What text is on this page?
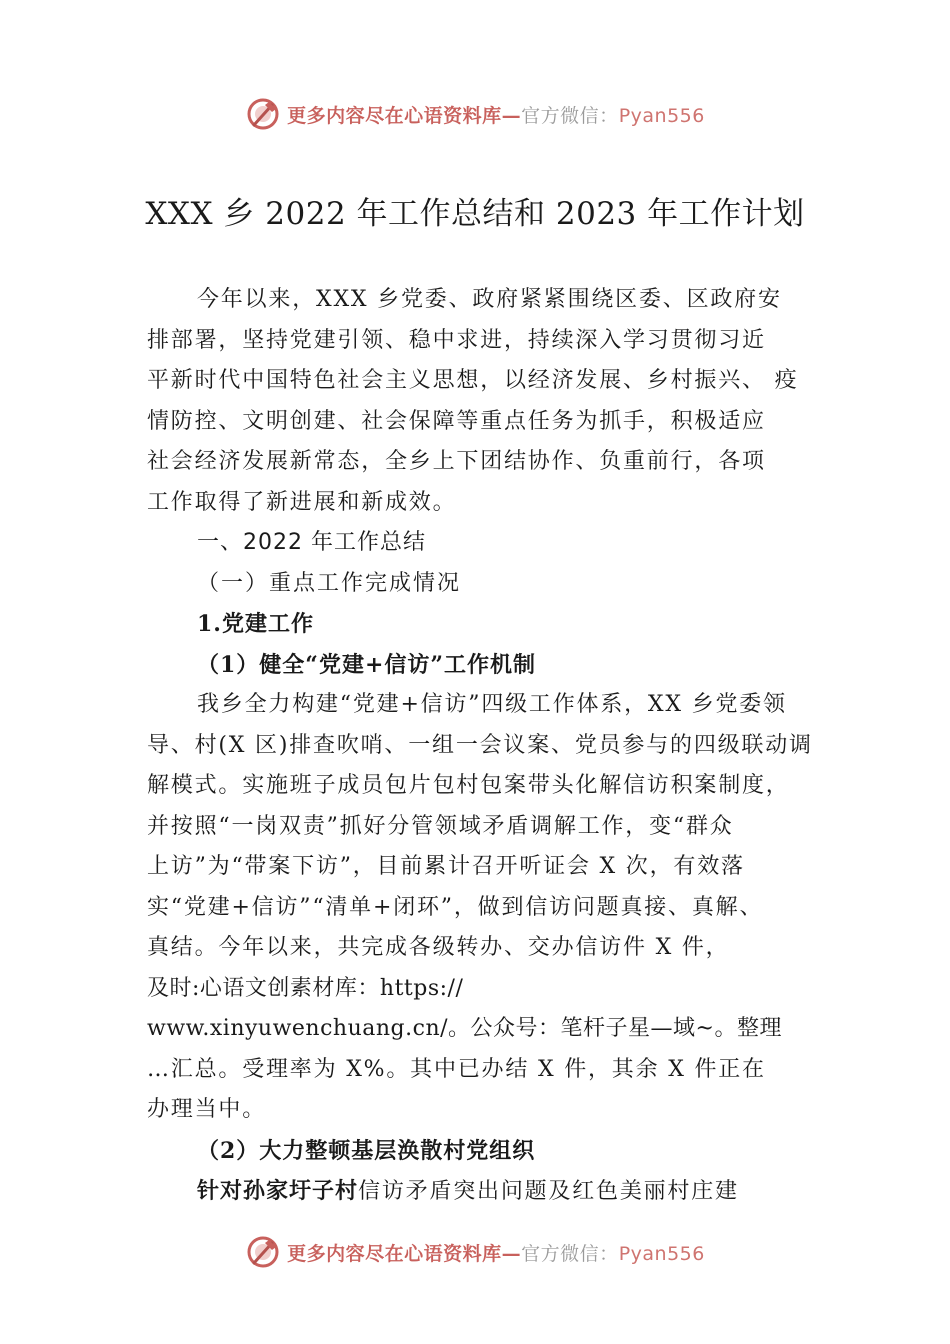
更多内容尽在心语资料库—官方微信：Pyan556
XXX 乡 2022 年工作总结和 2023 年工作计划
今年以来，XXX 乡党委、政府紧紧围绕区委、区政府安
排部署，坚持党建引领、稳中求进，持续深入学习贯彻习近
平新时代中国特色社会主义思想，以经济发展、乡村振兴、 疫
情防控、文明创建、社会保障等重点任务为抓手，积极适应
社会经济发展新常态，全乡上下团结协作、负重前行，各项
工作取得了新进展和新成效。
一、2022 年工作总结
（一）重点工作完成情况
1.党建工作
（1）健全“党建+信访”工作机制
我乡全力构建“党建+信访”四级工作体系，XX 乡党委领
导、村(X 区)排查吹哨、一组一会议案、党员参与的四级联动调
解模式。实施班子成员包片包村包案带头化解信访积案制度，
并按照“一岗双责”抓好分管领域矛盾调解工作，变“群众
上访”为“带案下访”，目前累计召开听证会 X 次，有效落
实“党建+信访”“清单+闭环”，做到信访问题真接、真解、
真结。今年以来，共完成各级转办、交办信访件 X 件，
及时:心语文创素材库：https://
www.xinyuwenchuang.cn/。公众号：笔杆子星—域~。整理
…汇总。受理率为 X%。其中已办结 X 件，其余 X 件正在
办理当中。
（2）大力整顿基层涣散村党组织
针对孙家圩子村信访矛盾突出问题及红色美丽村庄建
更多内容尽在心语资料库—官方微信：Pyan556
